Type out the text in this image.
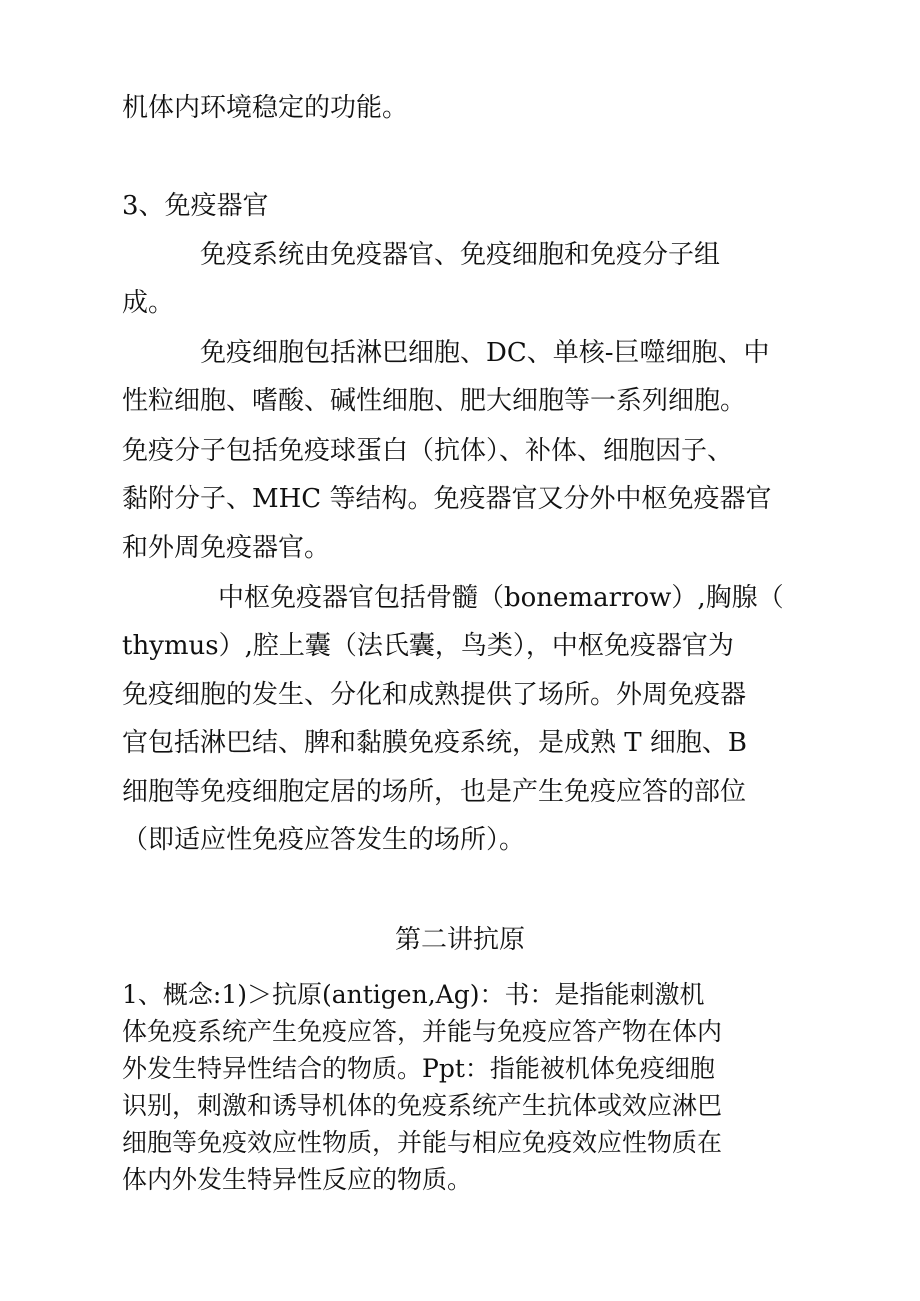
机体内环境稳定的功能。
3、免疫器官
免疫系统由免疫器官、免疫细胞和免疫分子组
成。
免疫细胞包括淋巴细胞、DC、单核-巨噬细胞、中
性粒细胞、嗜酸、碱性细胞、肥大细胞等一系列细胞。
免疫分子包括免疫球蛋白（抗体）、补体、细胞因子、
黏附分子、MHC 等结构。免疫器官又分外中枢免疫器官
和外周免疫器官。
中枢免疫器官包括骨髓（bonemarrow）,胸腺（
thymus）,腔上囊（法氏囊，鸟类），中枢免疫器官为
免疫细胞的发生、分化和成熟提供了场所。外周免疫器
官包括淋巴结、脾和黏膜免疫系统，是成熟 T 细胞、B
细胞等免疫细胞定居的场所，也是产生免疫应答的部位
（即适应性免疫应答发生的场所）。
第二讲抗原
1、概念:1)＞抗原(antigen,Ag)：书：是指能刺激机
体免疫系统产生免疫应答，并能与免疫应答产物在体内
外发生特异性结合的物质。Ppt：指能被机体免疫细胞
识别，刺激和诱导机体的免疫系统产生抗体或效应淋巴
细胞等免疫效应性物质，并能与相应免疫效应性物质在
体内外发生特异性反应的物质。
